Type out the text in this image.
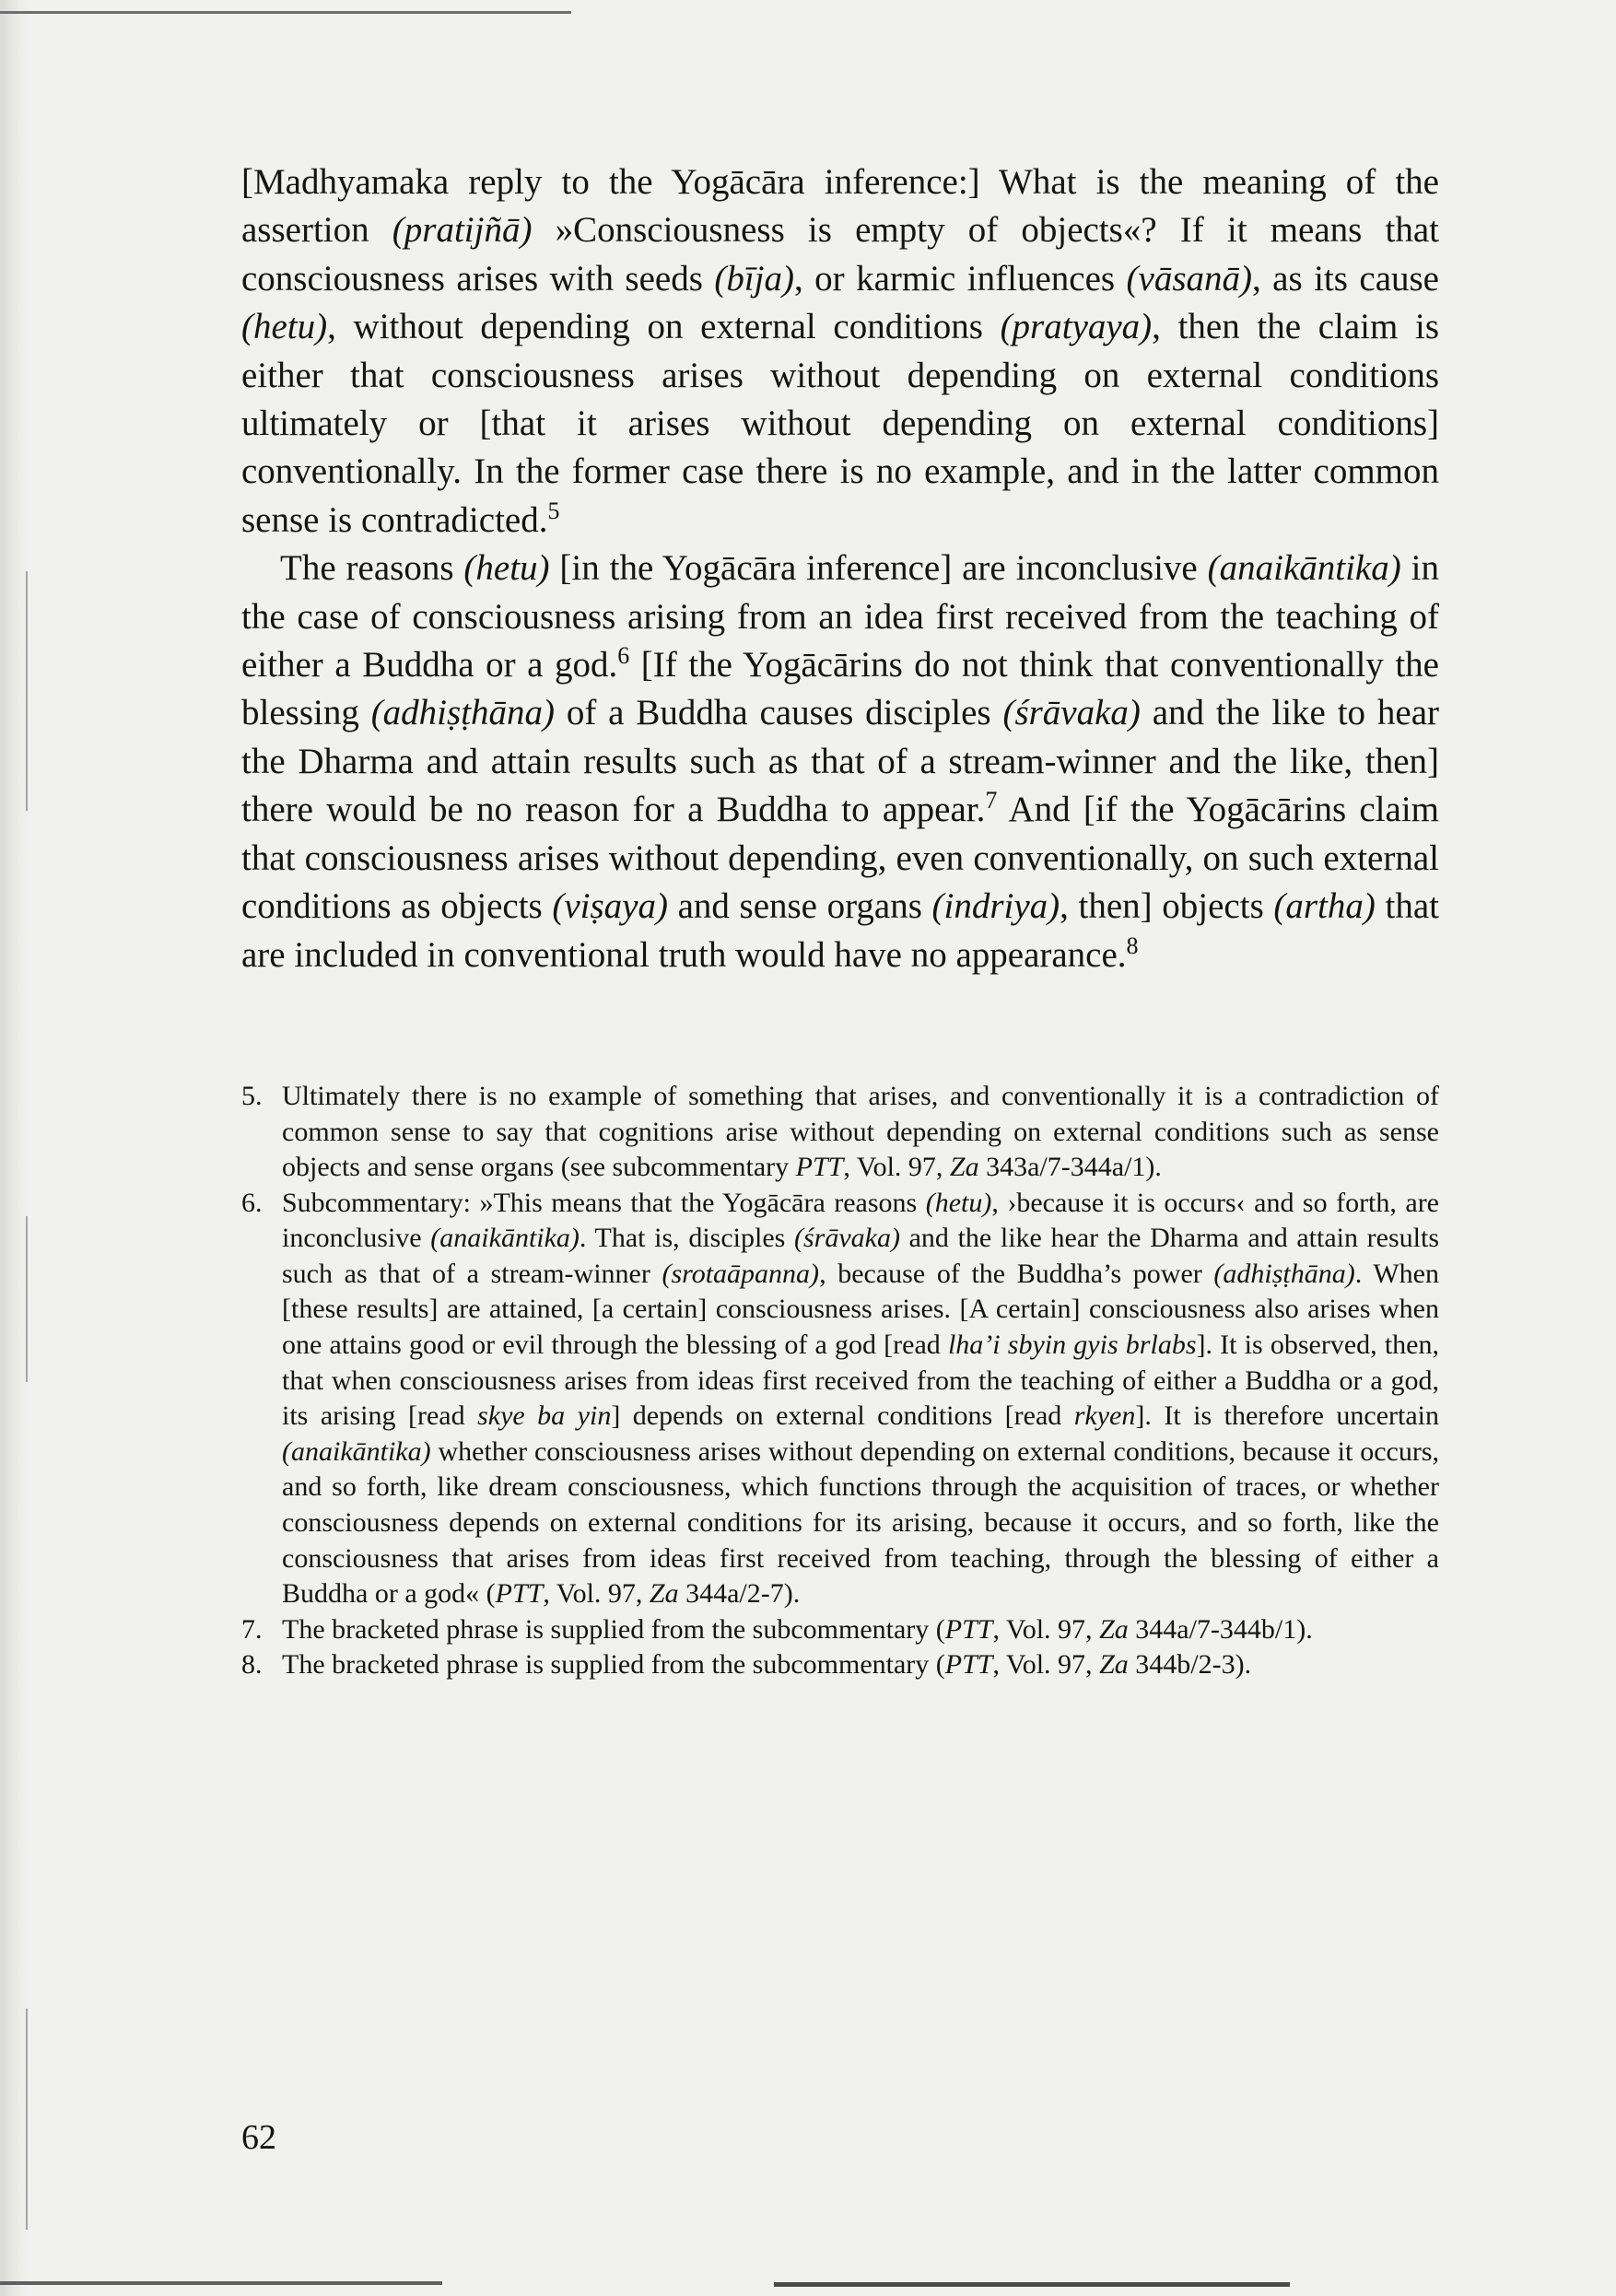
[Madhyamaka reply to the Yogācāra inference:] What is the meaning of the assertion (pratijñā) »Consciousness is empty of objects«? If it means that consciousness arises with seeds (bīja), or karmic influences (vāsanā), as its cause (hetu), without depending on external conditions (pratyaya), then the claim is either that consciousness arises without depending on external conditions ultimately or [that it arises without depending on external conditions] conventionally. In the former case there is no example, and in the latter common sense is contradicted.$^5$

The reasons (hetu) [in the Yogācāra inference] are inconclusive (anaikāntika) in the case of consciousness arising from an idea first received from the teaching of either a Buddha or a god.$^6$ [If the Yogācārins do not think that conventionally the blessing (adhiṣṭhāna) of a Buddha causes disciples (śrāvaka) and the like to hear the Dharma and attain results such as that of a stream-winner and the like, then] there would be no reason for a Buddha to appear.$^7$ And [if the Yogācārins claim that consciousness arises without depending, even conventionally, on such external conditions as objects (viṣaya) and sense organs (indriya), then] objects (artha) that are included in conventional truth would have no appearance.$^8$

5. Ultimately there is no example of something that arises, and conventionally it is a contradiction of common sense to say that cognitions arise without depending on external conditions such as sense objects and sense organs (see subcommentary PTT, Vol. 97, Za 343a/7-344a/1).
6. Subcommentary: »This means that the Yogācāra reasons (hetu), ›because it is occurs‹ and so forth, are inconclusive (anaikāntika). That is, disciples (śrāvaka) and the like hear the Dharma and attain results such as that of a stream-winner (srotaāpanna), because of the Buddha’s power (adhiṣṭhāna). When [these results] are attained, [a certain] consciousness arises. [A certain] consciousness also arises when one attains good or evil through the blessing of a god [read lha’i sbyin gyis brlabs]. It is observed, then, that when consciousness arises from ideas first received from the teaching of either a Buddha or a god, its arising [read skye ba yin] depends on external conditions [read rkyen]. It is therefore uncertain (anaikāntika) whether consciousness arises without depending on external conditions, because it occurs, and so forth, like dream consciousness, which functions through the acquisition of traces, or whether consciousness depends on external conditions for its arising, because it occurs, and so forth, like the consciousness that arises from ideas first received from teaching, through the blessing of either a Buddha or a god« (PTT, Vol. 97, Za 344a/2-7).
7. The bracketed phrase is supplied from the subcommentary (PTT, Vol. 97, Za 344a/7-344b/1).
8. The bracketed phrase is supplied from the subcommentary (PTT, Vol. 97, Za 344b/2-3).
62
